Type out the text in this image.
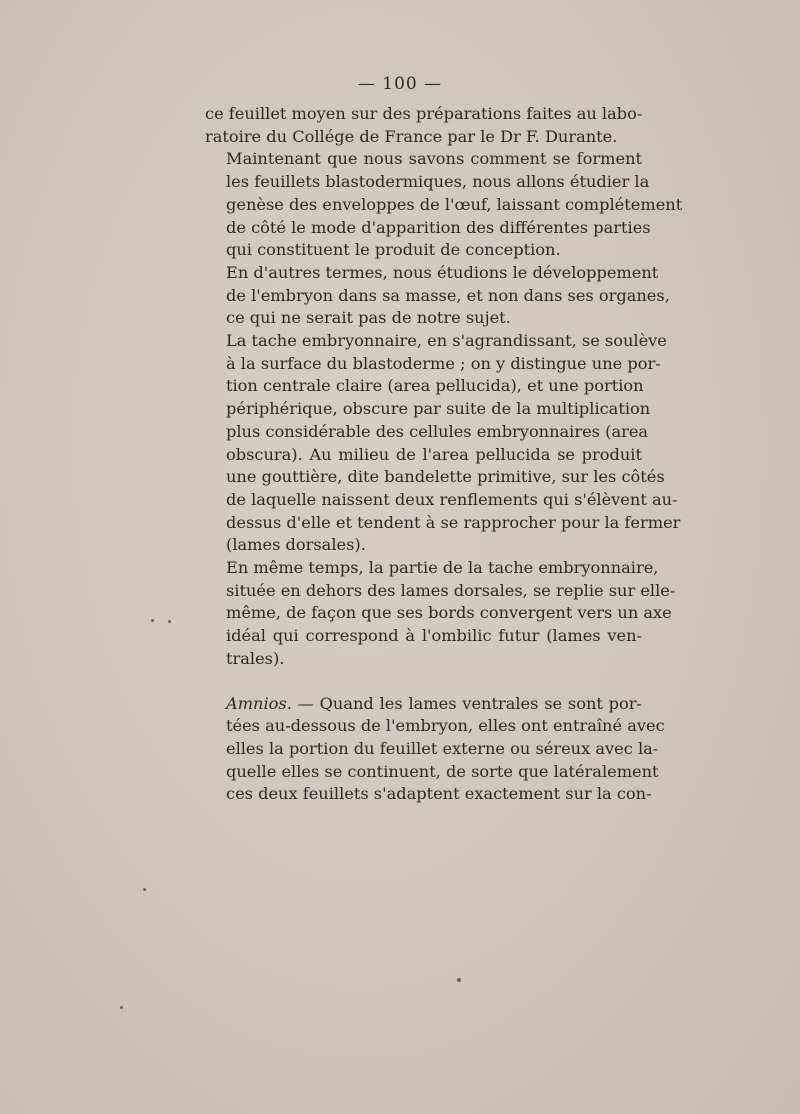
— 100 —

ce feuillet moyen sur des préparations faites au labo-
ratoire du Collége de France par le Dr F. Durante.

Maintenant que nous savons comment se forment
les feuillets blastodermiques, nous allons étudier la
genèse des enveloppes de l'œuf, laissant complétement
de côté le mode d'apparition des différentes parties
qui constituent le produit de conception.

En d'autres termes, nous étudions le développement
de l'embryon dans sa masse, et non dans ses organes,
ce qui ne serait pas de notre sujet.

La tache embryonnaire, en s'agrandissant, se soulève
à la surface du blastoderme ; on y distingue une por-
tion centrale claire (area pellucida), et une portion
périphérique, obscure par suite de la multiplication
plus considérable des cellules embryonnaires (area
obscura). Au milieu de l'area pellucida se produit
une gouttière, dite bandelette primitive, sur les côtés
de laquelle naissent deux renflements qui s'élèvent au-
dessus d'elle et tendent à se rapprocher pour la fermer
(lames dorsales).

En même temps, la partie de la tache embryonnaire,
située en dehors des lames dorsales, se replie sur elle-
même, de façon que ses bords convergent vers un axe
idéal qui correspond à l'ombilic futur (lames ven-
trales).

Amnios. — Quand les lames ventrales se sont por-
tées au-dessous de l'embryon, elles ont entraîné avec
elles la portion du feuillet externe ou séreux avec la-
quelle elles se continuent, de sorte que latéralement
ces deux feuillets s'adaptent exactement sur la con-
